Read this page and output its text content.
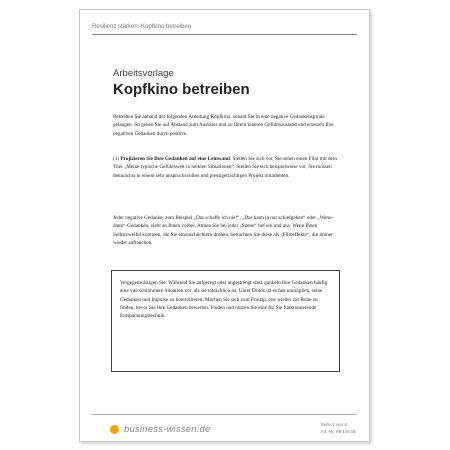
Resilienz stärken: Kopfkino betreiben
Arbeitsvorlage
Kopfkino betreiben

Betreiben Sie anhand der folgenden Anleitung Kopfkino, sobald Sie in eine negative Gedankenspirale gelangen. So gehen Sie auf Abstand zum Auslöser und zu Ihrem inneren Gefühlszustand und ersetzen Ihre negativen Gedanken durch positive.

(1) Projizieren Sie Ihre Gedanken auf eine Leinwand. Stellen Sie sich vor, Sie sehen einen Film mit dem Titel „Meine typische Gefühlswelt in heiklen Situationen“. Stellen Sie sich beispielweise vor, Sie müssen demnächst in einem sehr anspruchsvollen und prestigeträchtigen Projekt mitarbeiten.

Jeder negative Gedanke, zum Beispiel „Das schaffe ich nie!“, „Das kann ja nur schiefgehen“ oder „Wenn-dann“-Gedanken, zieht an Ihnen vorbei. Atmen Sie bei jeder „Szene“ tief ein und aus. Wenn Ihnen Selbstzweifel kommen, die Sie einzuschüchtern drohen, betrachten Sie diese als „Filmeffekte“, die immer wieder auftauchen.

Vergegenwärtigen Sie: Während Sie aufgeregt oder angestrengt sind, gaukeln Ihre Gedanken häufig eine viel schlimmere Situation vor, als sie tatsächlich ist. Unter Druck ist es fast unmöglich, seine Gedanken und Impulse zu kontrollieren. Machen Sie sich zum Prinzip, erst wieder zur Ruhe zu finden, bevor Sie Ihre Gedanken bewerten. Finden und nutzen Sie eine für Sie funktionierende Entspannungstechnik.

business-wissen.de	Seite 1 von 4
Art.-Nr. 99.145.06
